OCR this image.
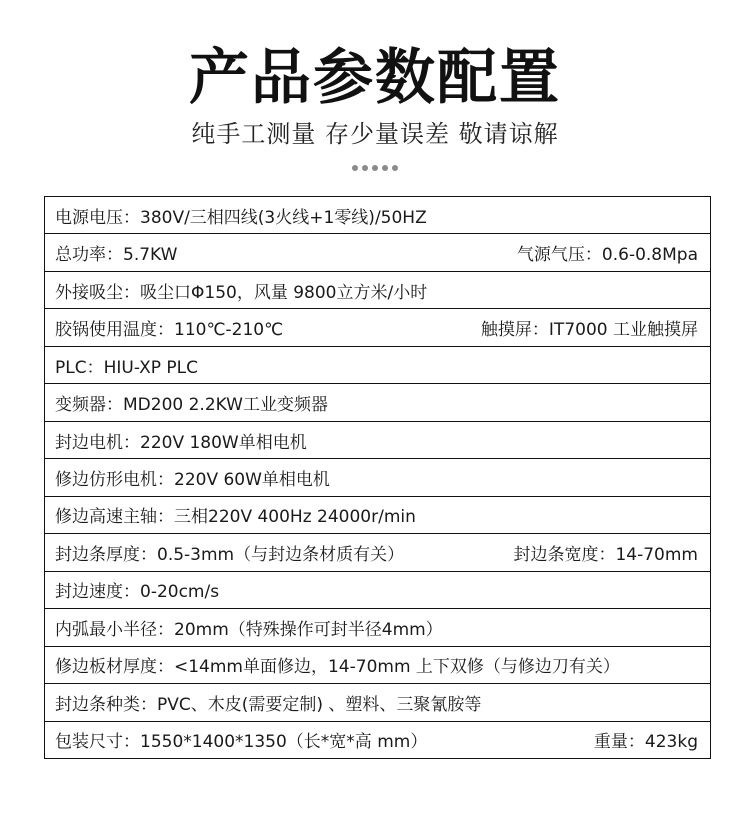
产品参数配置
纯手工测量 存少量误差 敬请谅解
电源电压：380V/三相四线(3火线+1零线)/50HZ
总功率：5.7KW	气源气压：0.6-0.8Mpa
外接吸尘：吸尘口Φ150，风量 9800立方米/小时
胶锅使用温度：110℃-210℃	触摸屏：IT7000 工业触摸屏
PLC：HIU-XP PLC
变频器：MD200 2.2KW工业变频器
封边电机：220V 180W单相电机
修边仿形电机：220V 60W单相电机
修边高速主轴：三相220V 400Hz 24000r/min
封边条厚度：0.5-3mm（与封边条材质有关）	封边条宽度：14-70mm
封边速度：0-20cm/s
内弧最小半径：20mm（特殊操作可封半径4mm）
修边板材厚度：<14mm单面修边，14-70mm 上下双修（与修边刀有关）
封边条种类：PVC、木皮(需要定制) 、塑料、三聚氰胺等
包装尺寸：1550*1400*1350（长*宽*高 mm）	重量：423kg
